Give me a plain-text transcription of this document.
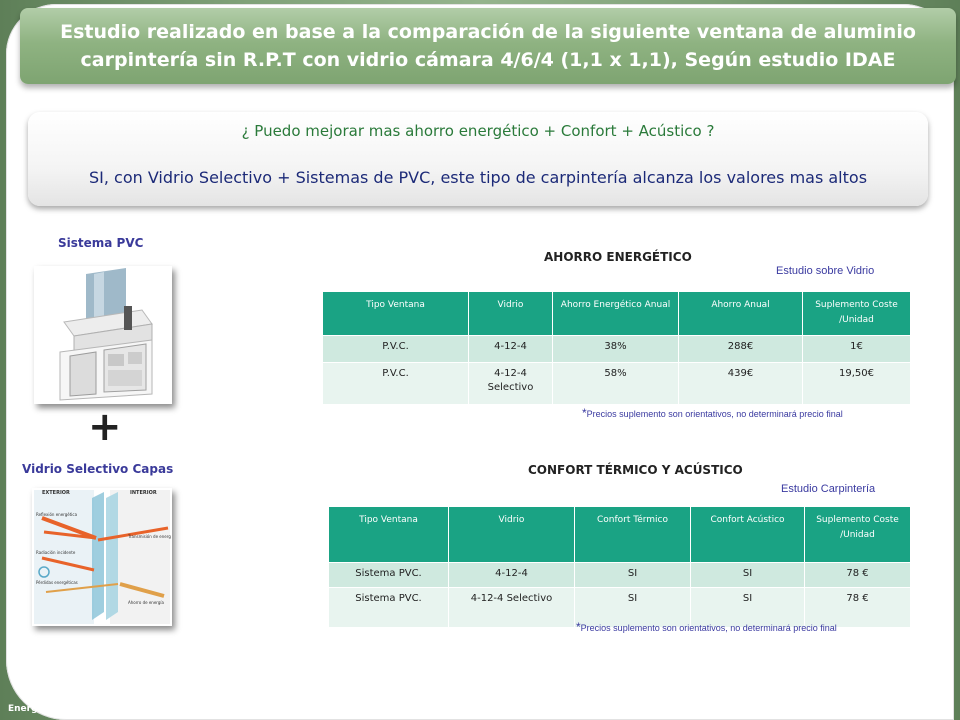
Estudio realizado en base a la comparación de la siguiente ventana de aluminio
carpintería sin R.P.T con vidrio cámara 4/6/4 (1,1 x 1,1), Según estudio IDAE
¿ Puedo mejorar mas ahorro energético + Confort + Acústico ?
SI, con Vidrio Selectivo + Sistemas de PVC, este tipo de carpintería alcanza los valores mas altos
Sistema PVC
+
Vidrio Selectivo Capas
EXTERIOR	INTERIOR
Reflexión energética
Radiación incidente
Pérdidas energéticas
Transmisión de energ
Ahorro de energía
AHORRO ENERGÉTICO
Estudio sobre Vidrio
Tipo Ventana	Vidrio	Ahorro Energético Anual	Ahorro Anual	Suplemento Coste /Unidad
P.V.C.	4-12-4	38%	288€	1€
P.V.C.	4-12-4 Selectivo	58%	439€	19,50€
*Precios suplemento son orientativos, no determinará precio final
CONFORT TÉRMICO Y ACÚSTICO
Estudio Carpintería
Tipo Ventana	Vidrio	Confort Térmico	Confort Acústico	Suplemento Coste /Unidad
Sistema PVC.	4-12-4	SI	SI	78 €
Sistema PVC.	4-12-4 Selectivo	SI	SI	78 €
*Precios suplemento son orientativos, no determinará precio final
Energías
